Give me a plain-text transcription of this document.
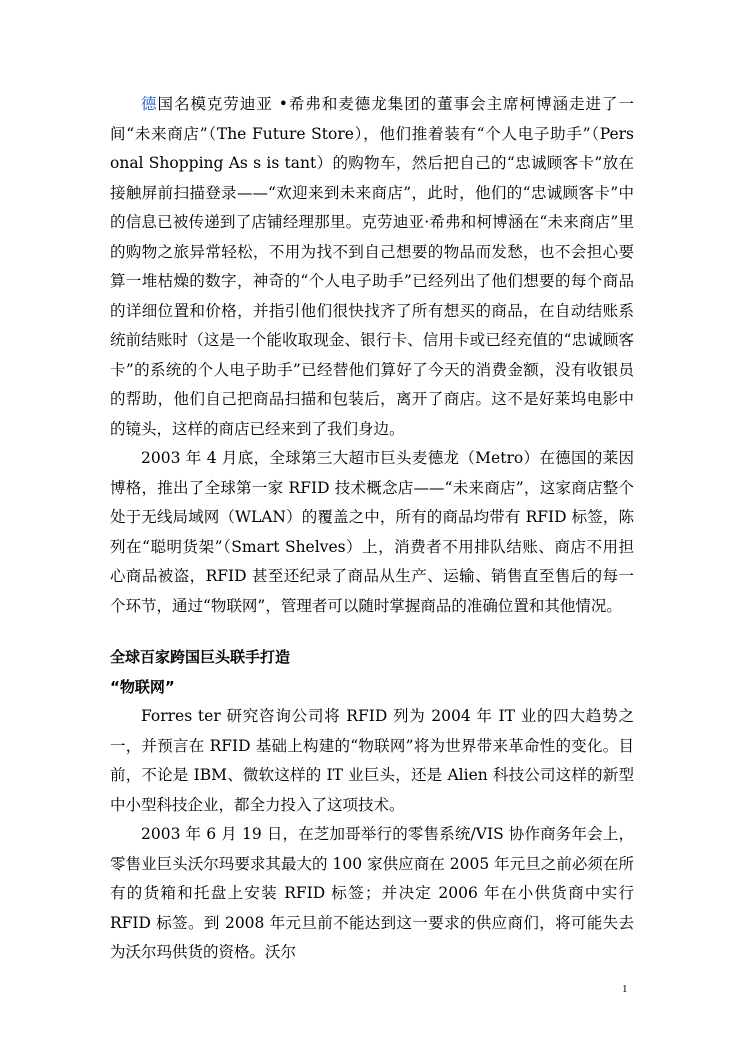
德国名模克劳迪亚 •希弗和麦德龙集团的董事会主席柯博涵走进了一间“未来商店”（The Future Store），他们推着装有“个人电子助手”（Pers onal Shopping As s is tant）的购物车，然后把自己的“忠诚顾客卡”放在接触屏前扫描登录——“欢迎来到未来商店”，此时，他们的“忠诚顾客卡”中的信息已被传递到了店铺经理那里。克劳迪亚·希弗和柯博涵在“未来商店”里的购物之旅异常轻松，不用为找不到自己想要的物品而发愁，也不会担心要算一堆枯燥的数字，神奇的“个人电子助手”已经列出了他们想要的每个商品的详细位置和价格，并指引他们很快找齐了所有想买的商品，在自动结账系统前结账时（这是一个能收取现金、银行卡、信用卡或已经充值的“忠诚顾客卡”的系统的个人电子助手”已经替他们算好了今天的消费金额，没有收银员的帮助，他们自己把商品扫描和包装后，离开了商店。这不是好莱坞电影中的镜头，这样的商店已经来到了我们身边。

2003 年 4 月底，全球第三大超市巨头麦德龙（Metro）在德国的莱因博格，推出了全球第一家 RFID 技术概念店——“未来商店”，这家商店整个处于无线局域网（WLAN）的覆盖之中，所有的商品均带有 RFID 标签，陈列在“聪明货架”（Smart Shelves）上，消费者不用排队结账、商店不用担心商品被盗，RFID 甚至还纪录了商品从生产、运输、销售直至售后的每一个环节，通过“物联网”，管理者可以随时掌握商品的准确位置和其他情况。

全球百家跨国巨头联手打造
“物联网”

Forres ter 研究咨询公司将 RFID 列为 2004 年 IT 业的四大趋势之一，并预言在 RFID 基础上构建的“物联网”将为世界带来革命性的变化。目前，不论是 IBM、微软这样的 IT 业巨头，还是 Alien 科技公司这样的新型中小型科技企业，都全力投入了这项技术。

2003 年 6 月 19 日，在芝加哥举行的零售系统/VIS 协作商务年会上，零售业巨头沃尔玛要求其最大的 100 家供应商在 2005 年元旦之前必须在所有的货箱和托盘上安装 RFID 标签；并决定 2006 年在小供货商中实行 RFID 标签。到 2008 年元旦前不能达到这一要求的供应商们，将可能失去为沃尔玛供货的资格。沃尔

1
